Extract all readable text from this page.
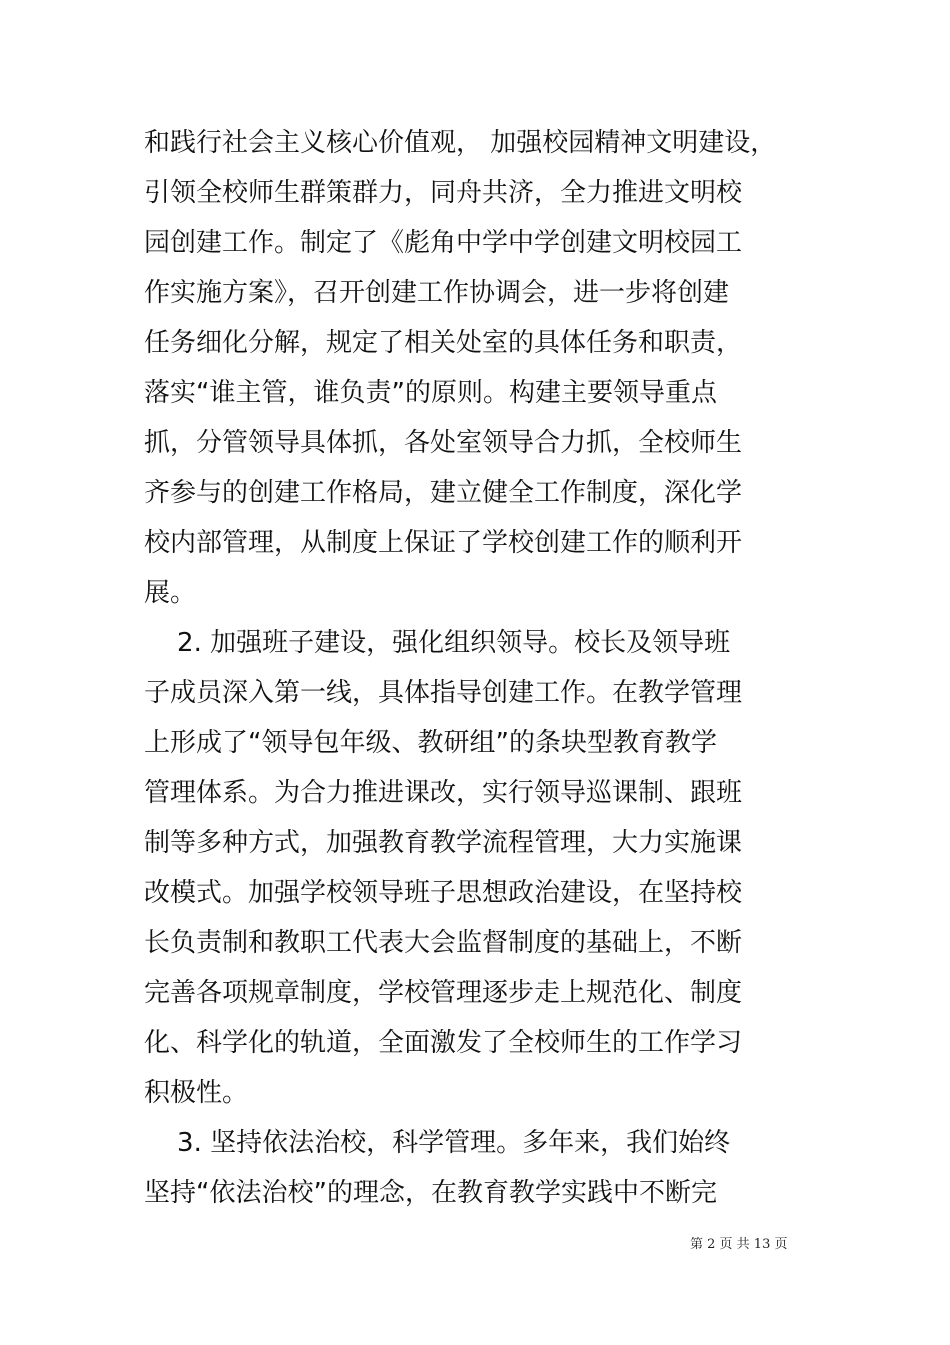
和践行社会主义核心价值观， 加强校园精神文明建设，
引领全校师生群策群力，同舟共济，全力推进文明校
园创建工作。制定了《彪角中学中学创建文明校园工
作实施方案》，召开创建工作协调会，进一步将创建
任务细化分解，规定了相关处室的具体任务和职责，
落实“谁主管，谁负责”的原则。构建主要领导重点
抓，分管领导具体抓，各处室领导合力抓，全校师生
齐参与的创建工作格局，建立健全工作制度，深化学
校内部管理，从制度上保证了学校创建工作的顺利开
展。
2. 加强班子建设，强化组织领导。校长及领导班
子成员深入第一线，具体指导创建工作。在教学管理
上形成了“领导包年级、教研组”的条块型教育教学
管理体系。为合力推进课改，实行领导巡课制、跟班
制等多种方式，加强教育教学流程管理，大力实施课
改模式。加强学校领导班子思想政治建设，在坚持校
长负责制和教职工代表大会监督制度的基础上，不断
完善各项规章制度，学校管理逐步走上规范化、制度
化、科学化的轨道，全面激发了全校师生的工作学习
积极性。
3. 坚持依法治校，科学管理。多年来，我们始终
坚持“依法治校”的理念，在教育教学实践中不断完
第 2 页 共 13 页
